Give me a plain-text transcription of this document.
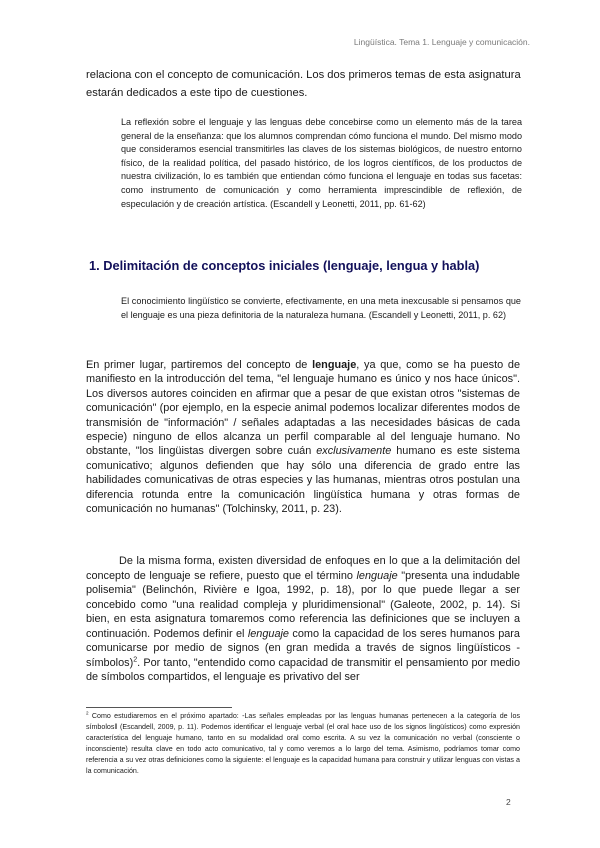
Lingüística. Tema 1. Lenguaje y comunicación.

relaciona con el concepto de comunicación. Los dos primeros temas de esta asignatura estarán dedicados a este tipo de cuestiones.

La reflexión sobre el lenguaje y las lenguas debe concebirse como un elemento más de la tarea general de la enseñanza: que los alumnos comprendan cómo funciona el mundo. Del mismo modo que consideramos esencial transmitirles las claves de los sistemas biológicos, de nuestro entorno físico, de la realidad política, del pasado histórico, de los logros científicos, de los productos de nuestra civilización, lo es también que entiendan cómo funciona el lenguaje en todas sus facetas: como instrumento de comunicación y como herramienta imprescindible de reflexión, de especulación y de creación artística. (Escandell y Leonetti, 2011, pp. 61-62)

1. Delimitación de conceptos iniciales (lenguaje, lengua y habla)

El conocimiento lingüístico se convierte, efectivamente, en una meta inexcusable si pensamos que el lenguaje es una pieza definitoria de la naturaleza humana. (Escandell y Leonetti, 2011, p. 62)

En primer lugar, partiremos del concepto de lenguaje, ya que, como se ha puesto de manifiesto en la introducción del tema, "el lenguaje humano es único y nos hace únicos". Los diversos autores coinciden en afirmar que a pesar de que existan otros "sistemas de comunicación" (por ejemplo, en la especie animal podemos localizar diferentes modos de transmisión de "información" / señales adaptadas a las necesidades básicas de cada especie) ninguno de ellos alcanza un perfil comparable al del lenguaje humano. No obstante, "los lingüistas divergen sobre cuán exclusivamente humano es este sistema comunicativo; algunos defienden que hay sólo una diferencia de grado entre las habilidades comunicativas de otras especies y las humanas, mientras otros postulan una diferencia rotunda entre la comunicación lingüística humana y otras formas de comunicación no humanas" (Tolchinsky, 2011, p. 23).

De la misma forma, existen diversidad de enfoques en lo que a la delimitación del concepto de lenguaje se refiere, puesto que el término lenguaje "presenta una indudable polisemia" (Belinchón, Rivière e Igoa, 1992, p. 18), por lo que puede llegar a ser concebido como "una realidad compleja y pluridimensional" (Galeote, 2002, p. 14). Si bien, en esta asignatura tomaremos como referencia las definiciones que se incluyen a continuación. Podemos definir el lenguaje como la capacidad de los seres humanos para comunicarse por medio de signos (en gran medida a través de signos lingüísticos - símbolos)$^2$. Por tanto, "entendido como capacidad de transmitir el pensamiento por medio de símbolos compartidos, el lenguaje es privativo del ser

$^2$ Como estudiaremos en el próximo apartado: -Las señales empleadas por las lenguas humanas pertenecen a la categoría de los símbolos‖ (Escandell, 2009, p. 11). Podemos identificar el lenguaje verbal (el oral hace uso de los signos lingüísticos) como expresión característica del lenguaje humano, tanto en su modalidad oral como escrita. A su vez la comunicación no verbal (consciente o inconsciente) resulta clave en todo acto comunicativo, tal y como veremos a lo largo del tema. Asimismo, podríamos tomar como referencia a su vez otras definiciones como la siguiente: el lenguaje es la capacidad humana para construir y utilizar lenguas con vistas a la comunicación.

2
